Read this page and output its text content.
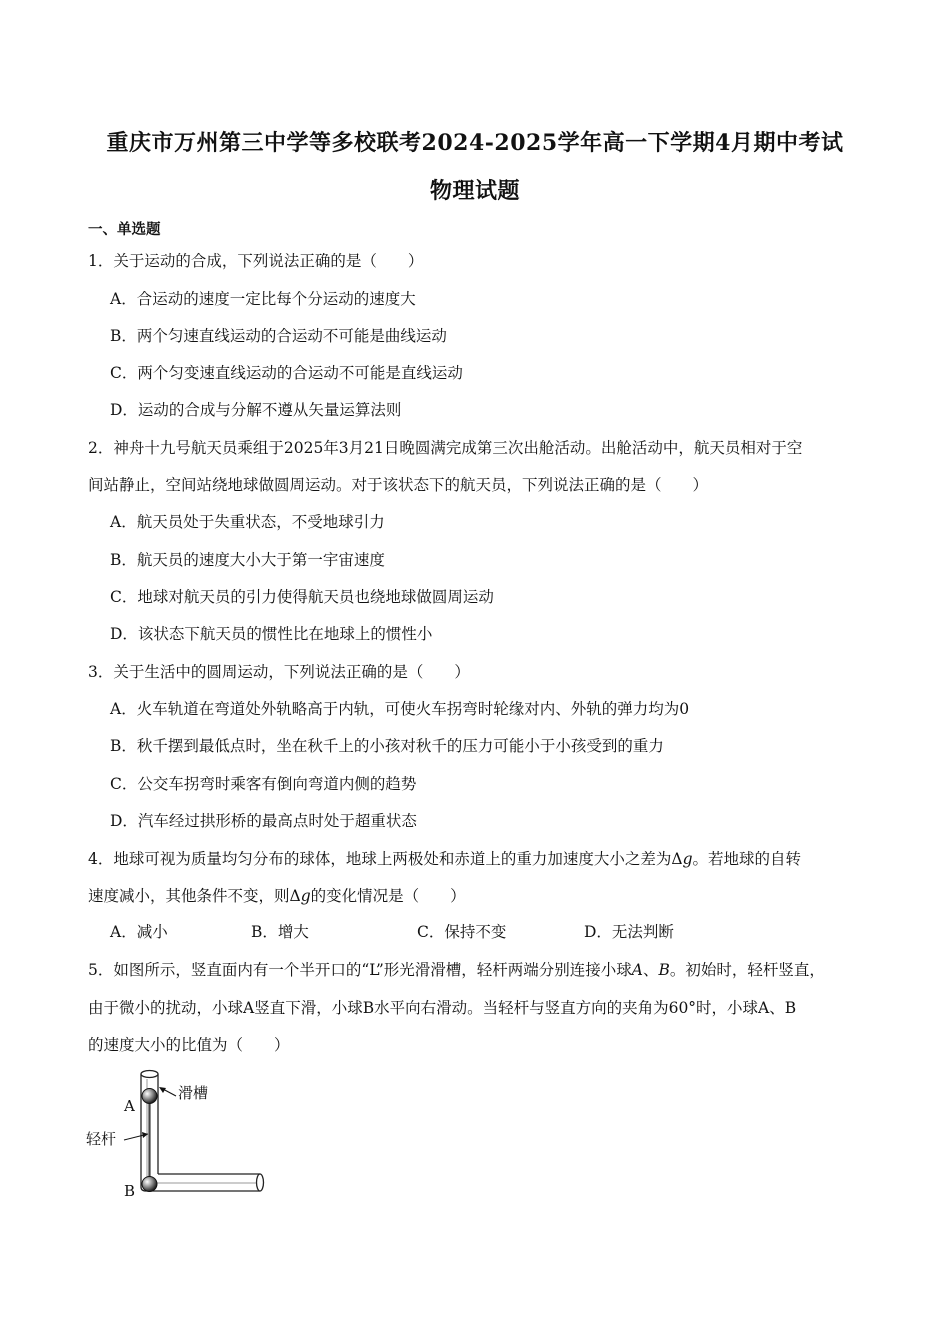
重庆市万州第三中学等多校联考2024-2025学年高一下学期4月期中考试
物理试题
一、单选题
1．关于运动的合成，下列说法正确的是（　　）
A．合运动的速度一定比每个分运动的速度大
B．两个匀速直线运动的合运动不可能是曲线运动
C．两个匀变速直线运动的合运动不可能是直线运动
D．运动的合成与分解不遵从矢量运算法则
2．神舟十九号航天员乘组于2025年3月21日晚圆满完成第三次出舱活动。出舱活动中，航天员相对于空
间站静止，空间站绕地球做圆周运动。对于该状态下的航天员，下列说法正确的是（　　）
A．航天员处于失重状态，不受地球引力
B．航天员的速度大小大于第一宇宙速度
C．地球对航天员的引力使得航天员也绕地球做圆周运动
D．该状态下航天员的惯性比在地球上的惯性小
3．关于生活中的圆周运动，下列说法正确的是（　　）
A．火车轨道在弯道处外轨略高于内轨，可使火车拐弯时轮缘对内、外轨的弹力均为0
B．秋千摆到最低点时，坐在秋千上的小孩对秋千的压力可能小于小孩受到的重力
C．公交车拐弯时乘客有倒向弯道内侧的趋势
D．汽车经过拱形桥的最高点时处于超重状态
4．地球可视为质量均匀分布的球体，地球上两极处和赤道上的重力加速度大小之差为Δg。若地球的自转
速度减小，其他条件不变，则Δg的变化情况是（　　）
A．减小	B．增大	C．保持不变	D．无法判断
5．如图所示，竖直面内有一个半开口的“L”形光滑滑槽，轻杆两端分别连接小球A、B。初始时，轻杆竖直，
由于微小的扰动，小球A竖直下滑，小球B水平向右滑动。当轻杆与竖直方向的夹角为60°时，小球A、B
的速度大小的比值为（　　）
滑槽
轻杆
A
B
